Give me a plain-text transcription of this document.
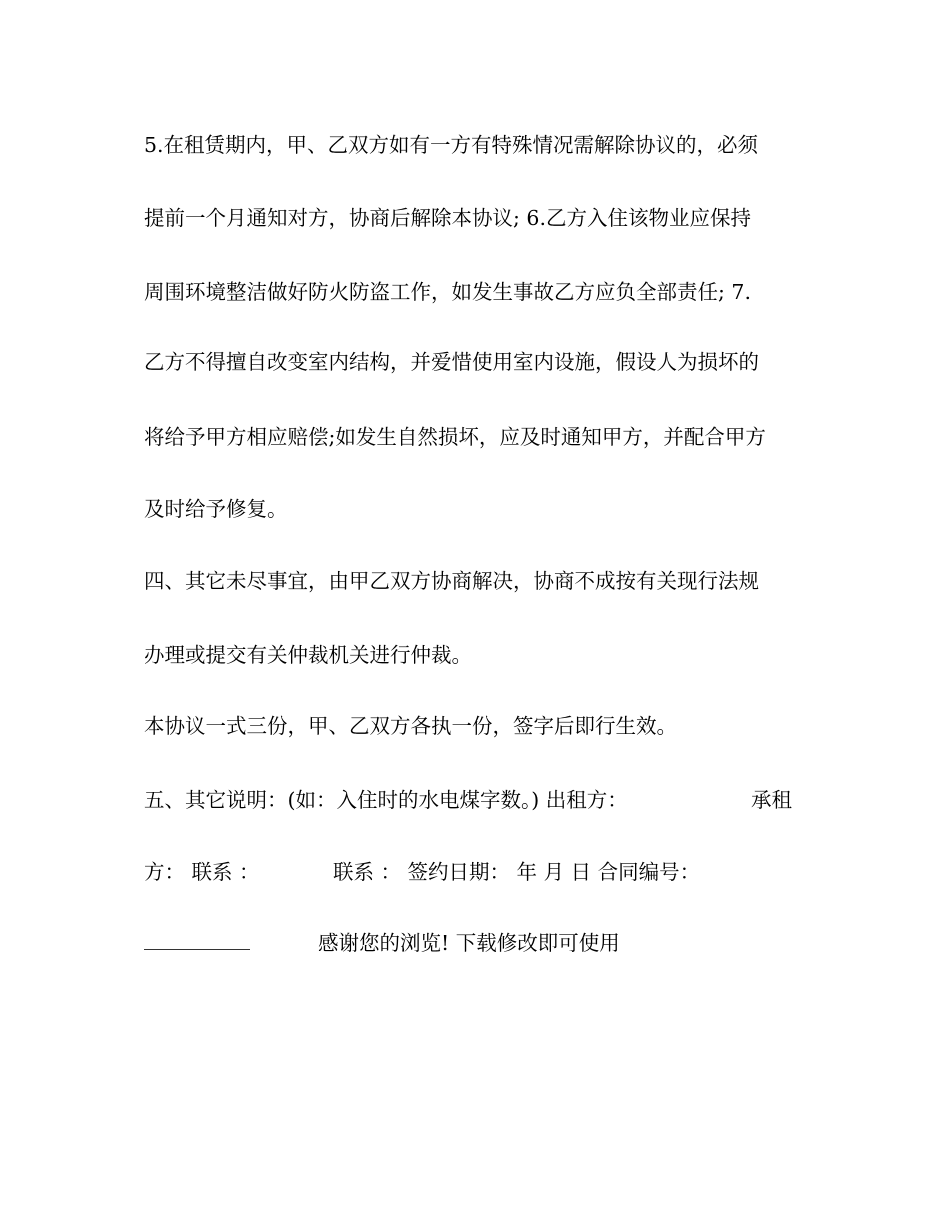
5.在租赁期内，甲、乙双方如有一方有特殊情况需解除协议的，必须
提前一个月通知对方，协商后解除本协议; 6.乙方入住该物业应保持
周围环境整洁做好防火防盗工作，如发生事故乙方应负全部责任; 7.
乙方不得擅自改变室内结构，并爱惜使用室内设施，假设人为损坏的
将给予甲方相应赔偿;如发生自然损坏，应及时通知甲方，并配合甲方
及时给予修复。
四、其它未尽事宜，由甲乙双方协商解决，协商不成按有关现行法规
办理或提交有关仲裁机关进行仲裁。
本协议一式三份，甲、乙双方各执一份，签字后即行生效。
五、其它说明：(如：入住时的水电煤字数。) 出租方：	承租
方： 联系 ：	联系 ： 签约日期： 年 月 日 合同编号：
感谢您的浏览! 下载修改即可使用
